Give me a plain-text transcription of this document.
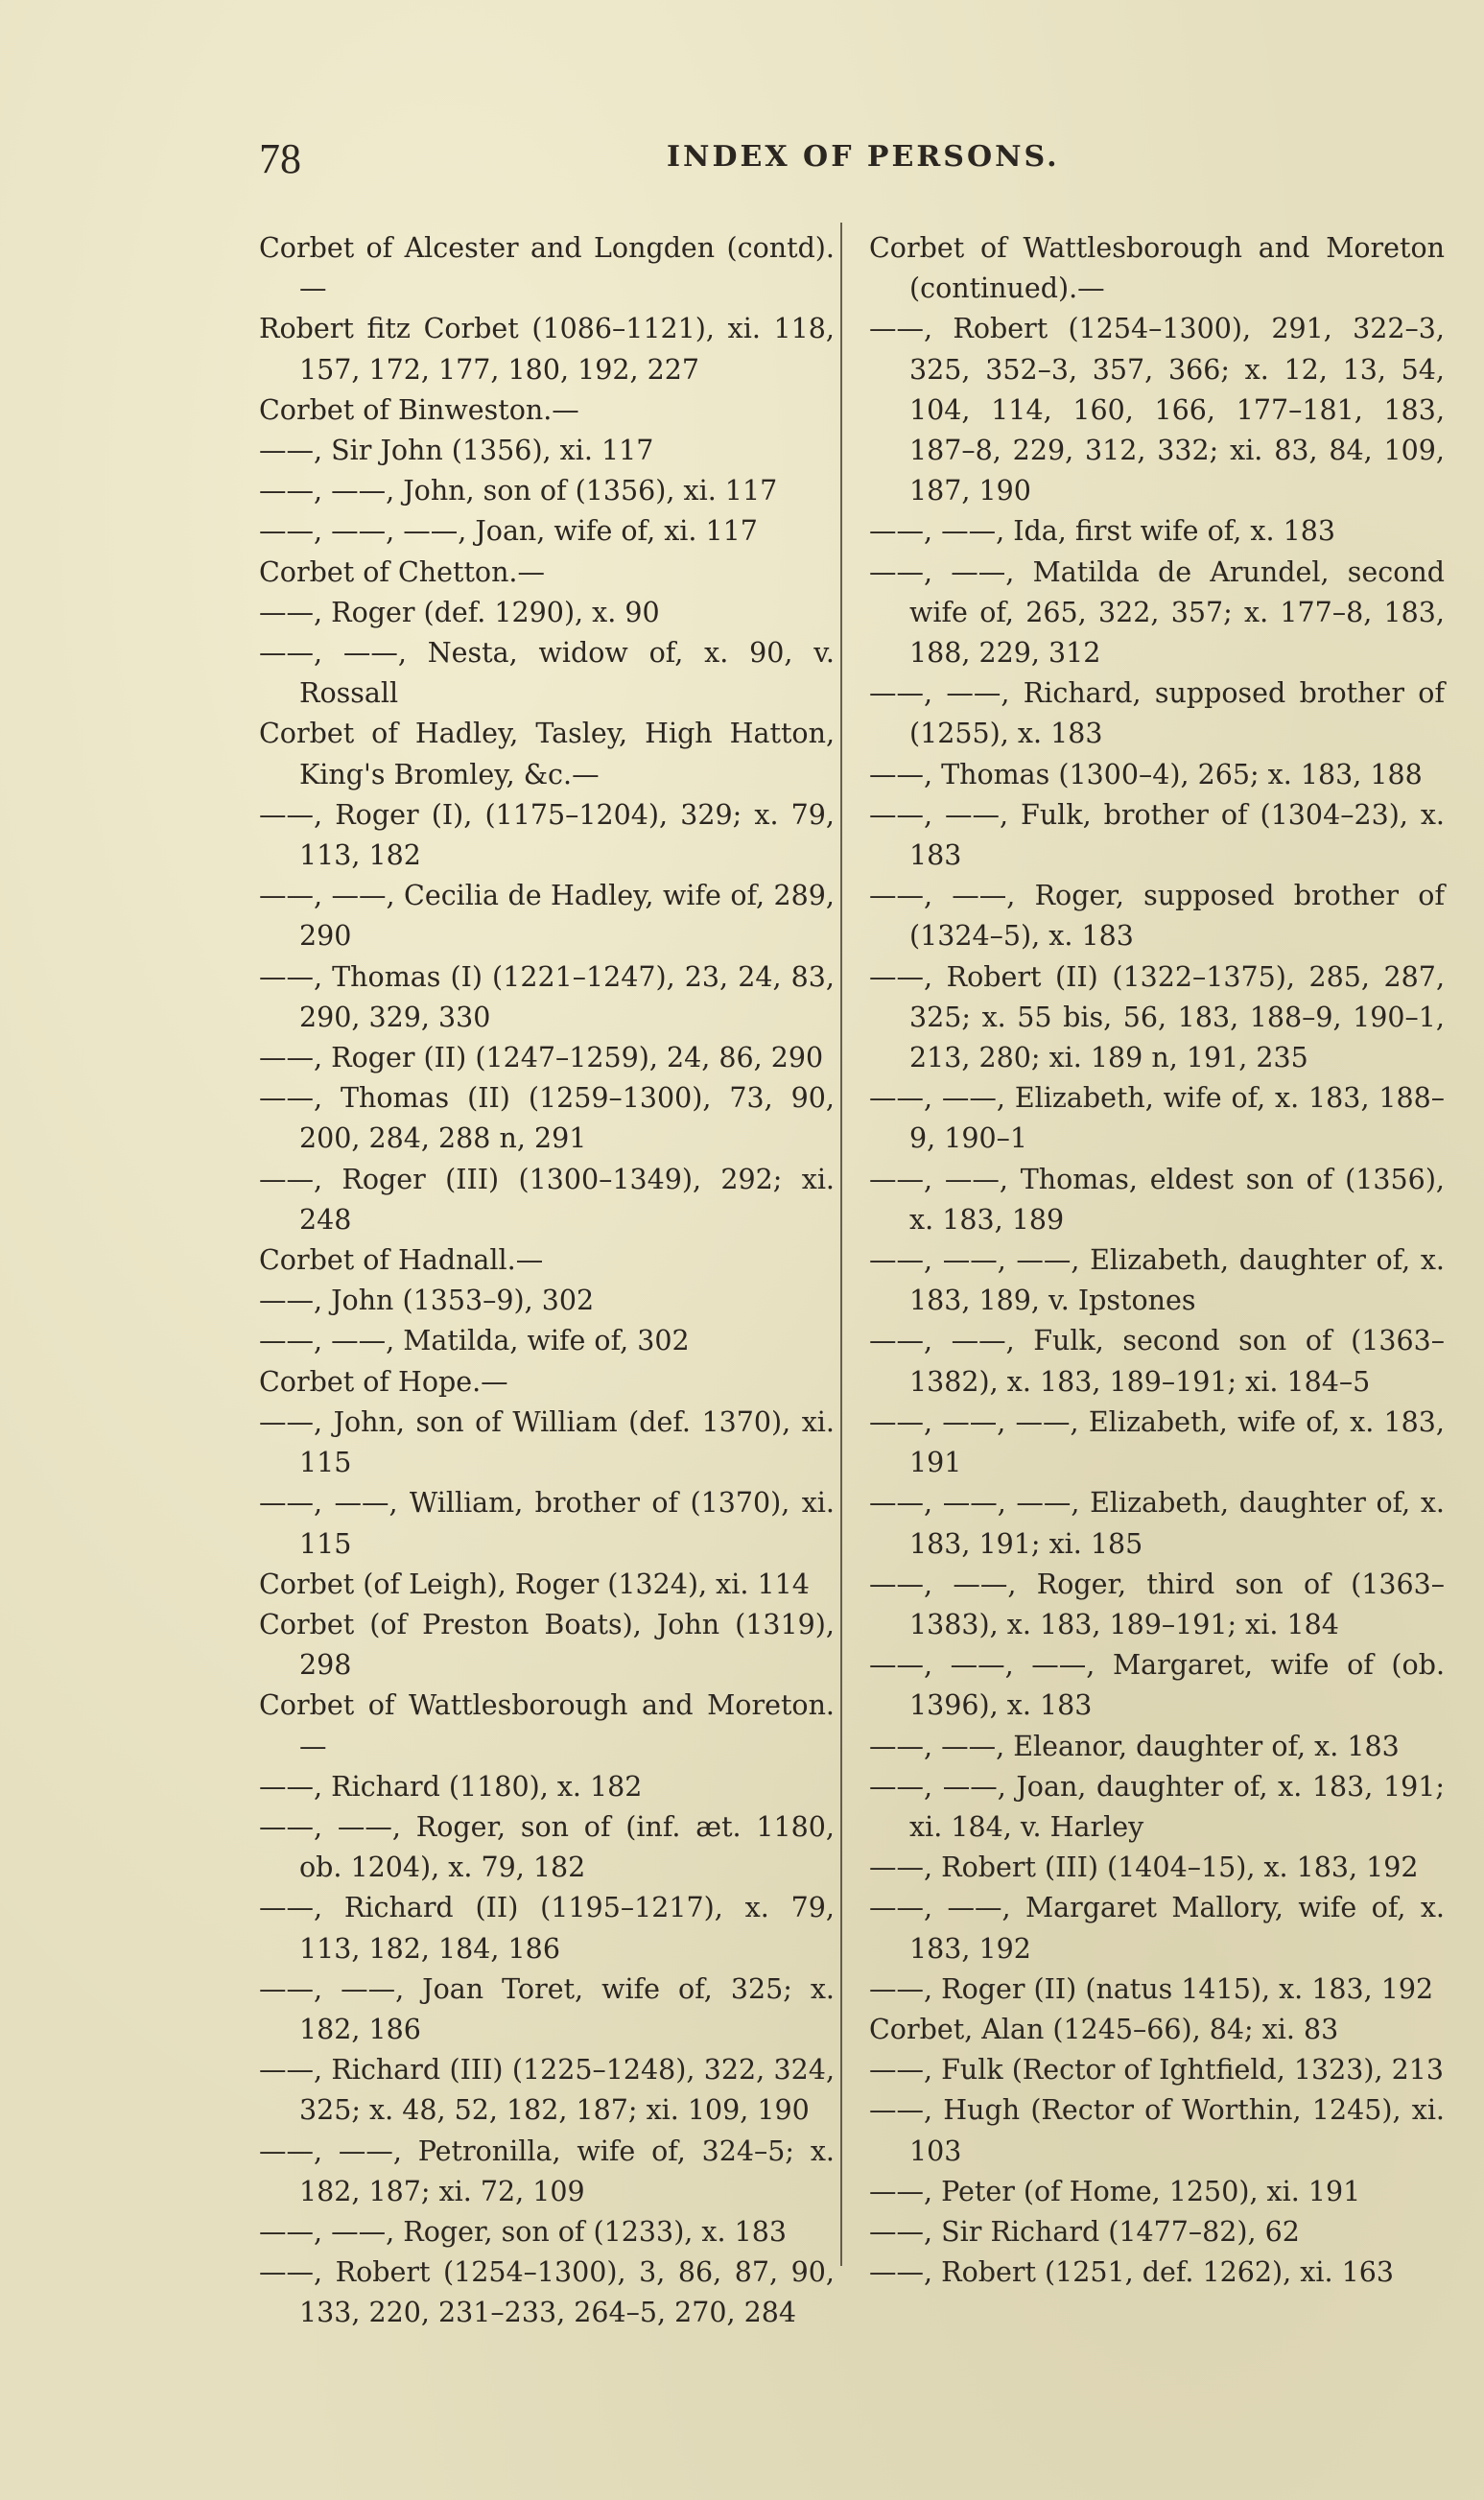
78	INDEX OF PERSONS.

Corbet of Alcester and Longden (contd).—

Robert fitz Corbet (1086–1121), xi. 118, 157, 172, 177, 180, 192, 227

Corbet of Binweston.—

——, Sir John (1356), xi. 117

——, ——, John, son of (1356), xi. 117

——, ——, ——, Joan, wife of, xi. 117

Corbet of Chetton.—

——, Roger (def. 1290), x. 90

——, ——, Nesta, widow of, x. 90, v. Rossall

Corbet of Hadley, Tasley, High Hatton, King's Bromley, &c.—

——, Roger (I), (1175–1204), 329; x. 79, 113, 182

——, ——, Cecilia de Hadley, wife of, 289, 290

——, Thomas (I) (1221–1247), 23, 24, 83, 290, 329, 330

——, Roger (II) (1247–1259), 24, 86, 290

——, Thomas (II) (1259–1300), 73, 90, 200, 284, 288 n, 291

——, Roger (III) (1300–1349), 292; xi. 248

Corbet of Hadnall.—

——, John (1353–9), 302

——, ——, Matilda, wife of, 302

Corbet of Hope.—

——, John, son of William (def. 1370), xi. 115

——, ——, William, brother of (1370), xi. 115

Corbet (of Leigh), Roger (1324), xi. 114

Corbet (of Preston Boats), John (1319), 298

Corbet of Wattlesborough and Moreton.—

——, Richard (1180), x. 182

——, ——, Roger, son of (inf. æt. 1180, ob. 1204), x. 79, 182

——, Richard (II) (1195–1217), x. 79, 113, 182, 184, 186

——, ——, Joan Toret, wife of, 325; x. 182, 186

——, Richard (III) (1225–1248), 322, 324, 325; x. 48, 52, 182, 187; xi. 109, 190

——, ——, Petronilla, wife of, 324–5; x. 182, 187; xi. 72, 109

——, ——, Roger, son of (1233), x. 183

——, Robert (1254–1300), 3, 86, 87, 90, 133, 220, 231–233, 264–5, 270, 284

Corbet of Wattlesborough and Moreton (continued).—

——, Robert (1254–1300), 291, 322–3, 325, 352–3, 357, 366; x. 12, 13, 54, 104, 114, 160, 166, 177–181, 183, 187–8, 229, 312, 332; xi. 83, 84, 109, 187, 190

——, ——, Ida, first wife of, x. 183

——, ——, Matilda de Arundel, second wife of, 265, 322, 357; x. 177–8, 183, 188, 229, 312

——, ——, Richard, supposed brother of (1255), x. 183

——, Thomas (1300–4), 265; x. 183, 188

——, ——, Fulk, brother of (1304–23), x. 183

——, ——, Roger, supposed brother of (1324–5), x. 183

——, Robert (II) (1322–1375), 285, 287, 325; x. 55 bis, 56, 183, 188–9, 190–1, 213, 280; xi. 189 n, 191, 235

——, ——, Elizabeth, wife of, x. 183, 188–9, 190–1

——, ——, Thomas, eldest son of (1356), x. 183, 189

——, ——, ——, Elizabeth, daughter of, x. 183, 189, v. Ipstones

——, ——, Fulk, second son of (1363–1382), x. 183, 189–191; xi. 184–5

——, ——, ——, Elizabeth, wife of, x. 183, 191

——, ——, ——, Elizabeth, daughter of, x. 183, 191; xi. 185

——, ——, Roger, third son of (1363–1383), x. 183, 189–191; xi. 184

——, ——, ——, Margaret, wife of (ob. 1396), x. 183

——, ——, Eleanor, daughter of, x. 183

——, ——, Joan, daughter of, x. 183, 191; xi. 184, v. Harley

——, Robert (III) (1404–15), x. 183, 192

——, ——, Margaret Mallory, wife of, x. 183, 192

——, Roger (II) (natus 1415), x. 183, 192

Corbet, Alan (1245–66), 84; xi. 83

——, Fulk (Rector of Ightfield, 1323), 213

——, Hugh (Rector of Worthin, 1245), xi. 103

——, Peter (of Home, 1250), xi. 191

——, Sir Richard (1477–82), 62

——, Robert (1251, def. 1262), xi. 163
